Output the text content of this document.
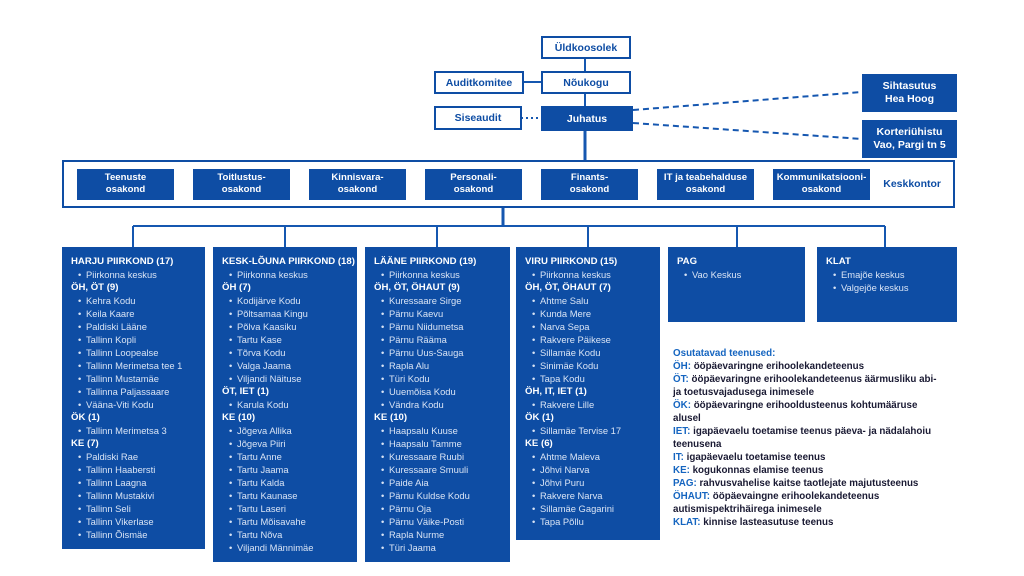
Üldkoosolek
Auditkomitee	Nõukogu
Siseaudit	Juhatus
Sihtasutus
Hea Hoog
Korteriühistu
Vao, Pargi tn 5
Teenuste
osakond
Toitlustus-
osakond
Kinnisvara-
osakond
Personali-
osakond
Finants-
osakond
IT ja teabehalduse
osakond
Kommunikatsiooni-
osakond	Keskkontor
HARJU PIIRKOND (17)
• Piirkonna keskus
ÖH, ÖT (9)
• Kehra Kodu
• Keila Kaare
• Paldiski Lääne
• Tallinn Kopli
• Tallinn Loopealse
• Tallinn Merimetsa tee 1
• Tallinn Mustamäe
• Tallinna Paljassaare
• Vääna-Viti Kodu
ÖK (1)
• Tallinn Merimetsa 3
KE (7)
• Paldiski Rae
• Tallinn Haabersti
• Tallinn Laagna
• Tallinn Mustakivi
• Tallinn Seli
• Tallinn Vikerlase
• Tallinn Õismäe
KESK-LÕUNA PIIRKOND (18)
• Piirkonna keskus
ÖH (7)
• Kodijärve Kodu
• Põltsamaa Kingu
• Põlva Kaasiku
• Tartu Kase
• Tõrva Kodu
• Valga Jaama
• Viljandi Näituse
ÖT, IET (1)
• Karula Kodu
KE (10)
• Jõgeva Allika
• Jõgeva Piiri
• Tartu Anne
• Tartu Jaama
• Tartu Kalda
• Tartu Kaunase
• Tartu Laseri
• Tartu Mõisavahe
• Tartu Nõva
• Viljandi Männimäe
LÄÄNE PIIRKOND (19)
• Piirkonna keskus
ÖH, ÖT, ÖHAUT (9)
• Kuressaare Sirge
• Pärnu Kaevu
• Pärnu Niidumetsa
• Pärnu Rääma
• Pärnu Uus-Sauga
• Rapla Alu
• Türi Kodu
• Uuemõisa Kodu
• Vändra Kodu
KE (10)
• Haapsalu Kuuse
• Haapsalu Tamme
• Kuressaare Ruubi
• Kuressaare Smuuli
• Paide Aia
• Pärnu Kuldse Kodu
• Pärnu Oja
• Pärnu Väike-Posti
• Rapla Nurme
• Türi Jaama
VIRU PIIRKOND (15)
• Piirkonna keskus
ÖH, ÖT, ÖHAUT (7)
• Ahtme Salu
• Kunda Mere
• Narva Sepa
• Rakvere Päikese
• Sillamäe Kodu
• Sinimäe Kodu
• Tapa Kodu
ÖH, IT, IET (1)
• Rakvere Lille
ÖK (1)
• Sillamäe Tervise 17
KE (6)
• Ahtme Maleva
• Jõhvi Narva
• Jõhvi Puru
• Rakvere Narva
• Sillamäe Gagarini
• Tapa Põllu
PAG
• Vao Keskus
KLAT
• Emajõe keskus
• Valgejõe keskus
Osutatavad teenused:
ÖH: ööpäevaringne erihoolekandeteenus
ÖT: ööpäevaringne erihoolekandeteenus äärmusliku abi- ja toetusvajadusega inimesele
ÖK: ööpäevaringne erihooldusteenus kohtumääruse alusel
IET: igapäevaelu toetamise teenus päeva- ja nädalahoiu teenusena
IT: igapäevaelu toetamise teenus
KE: kogukonnas elamise teenus
PAG: rahvusvahelise kaitse taotlejate majutusteenus
ÖHAUT: ööpäevaingne erihoolekandeteenus autismispektrihäirega inimesele
KLAT: kinnise lasteasutuse teenus
